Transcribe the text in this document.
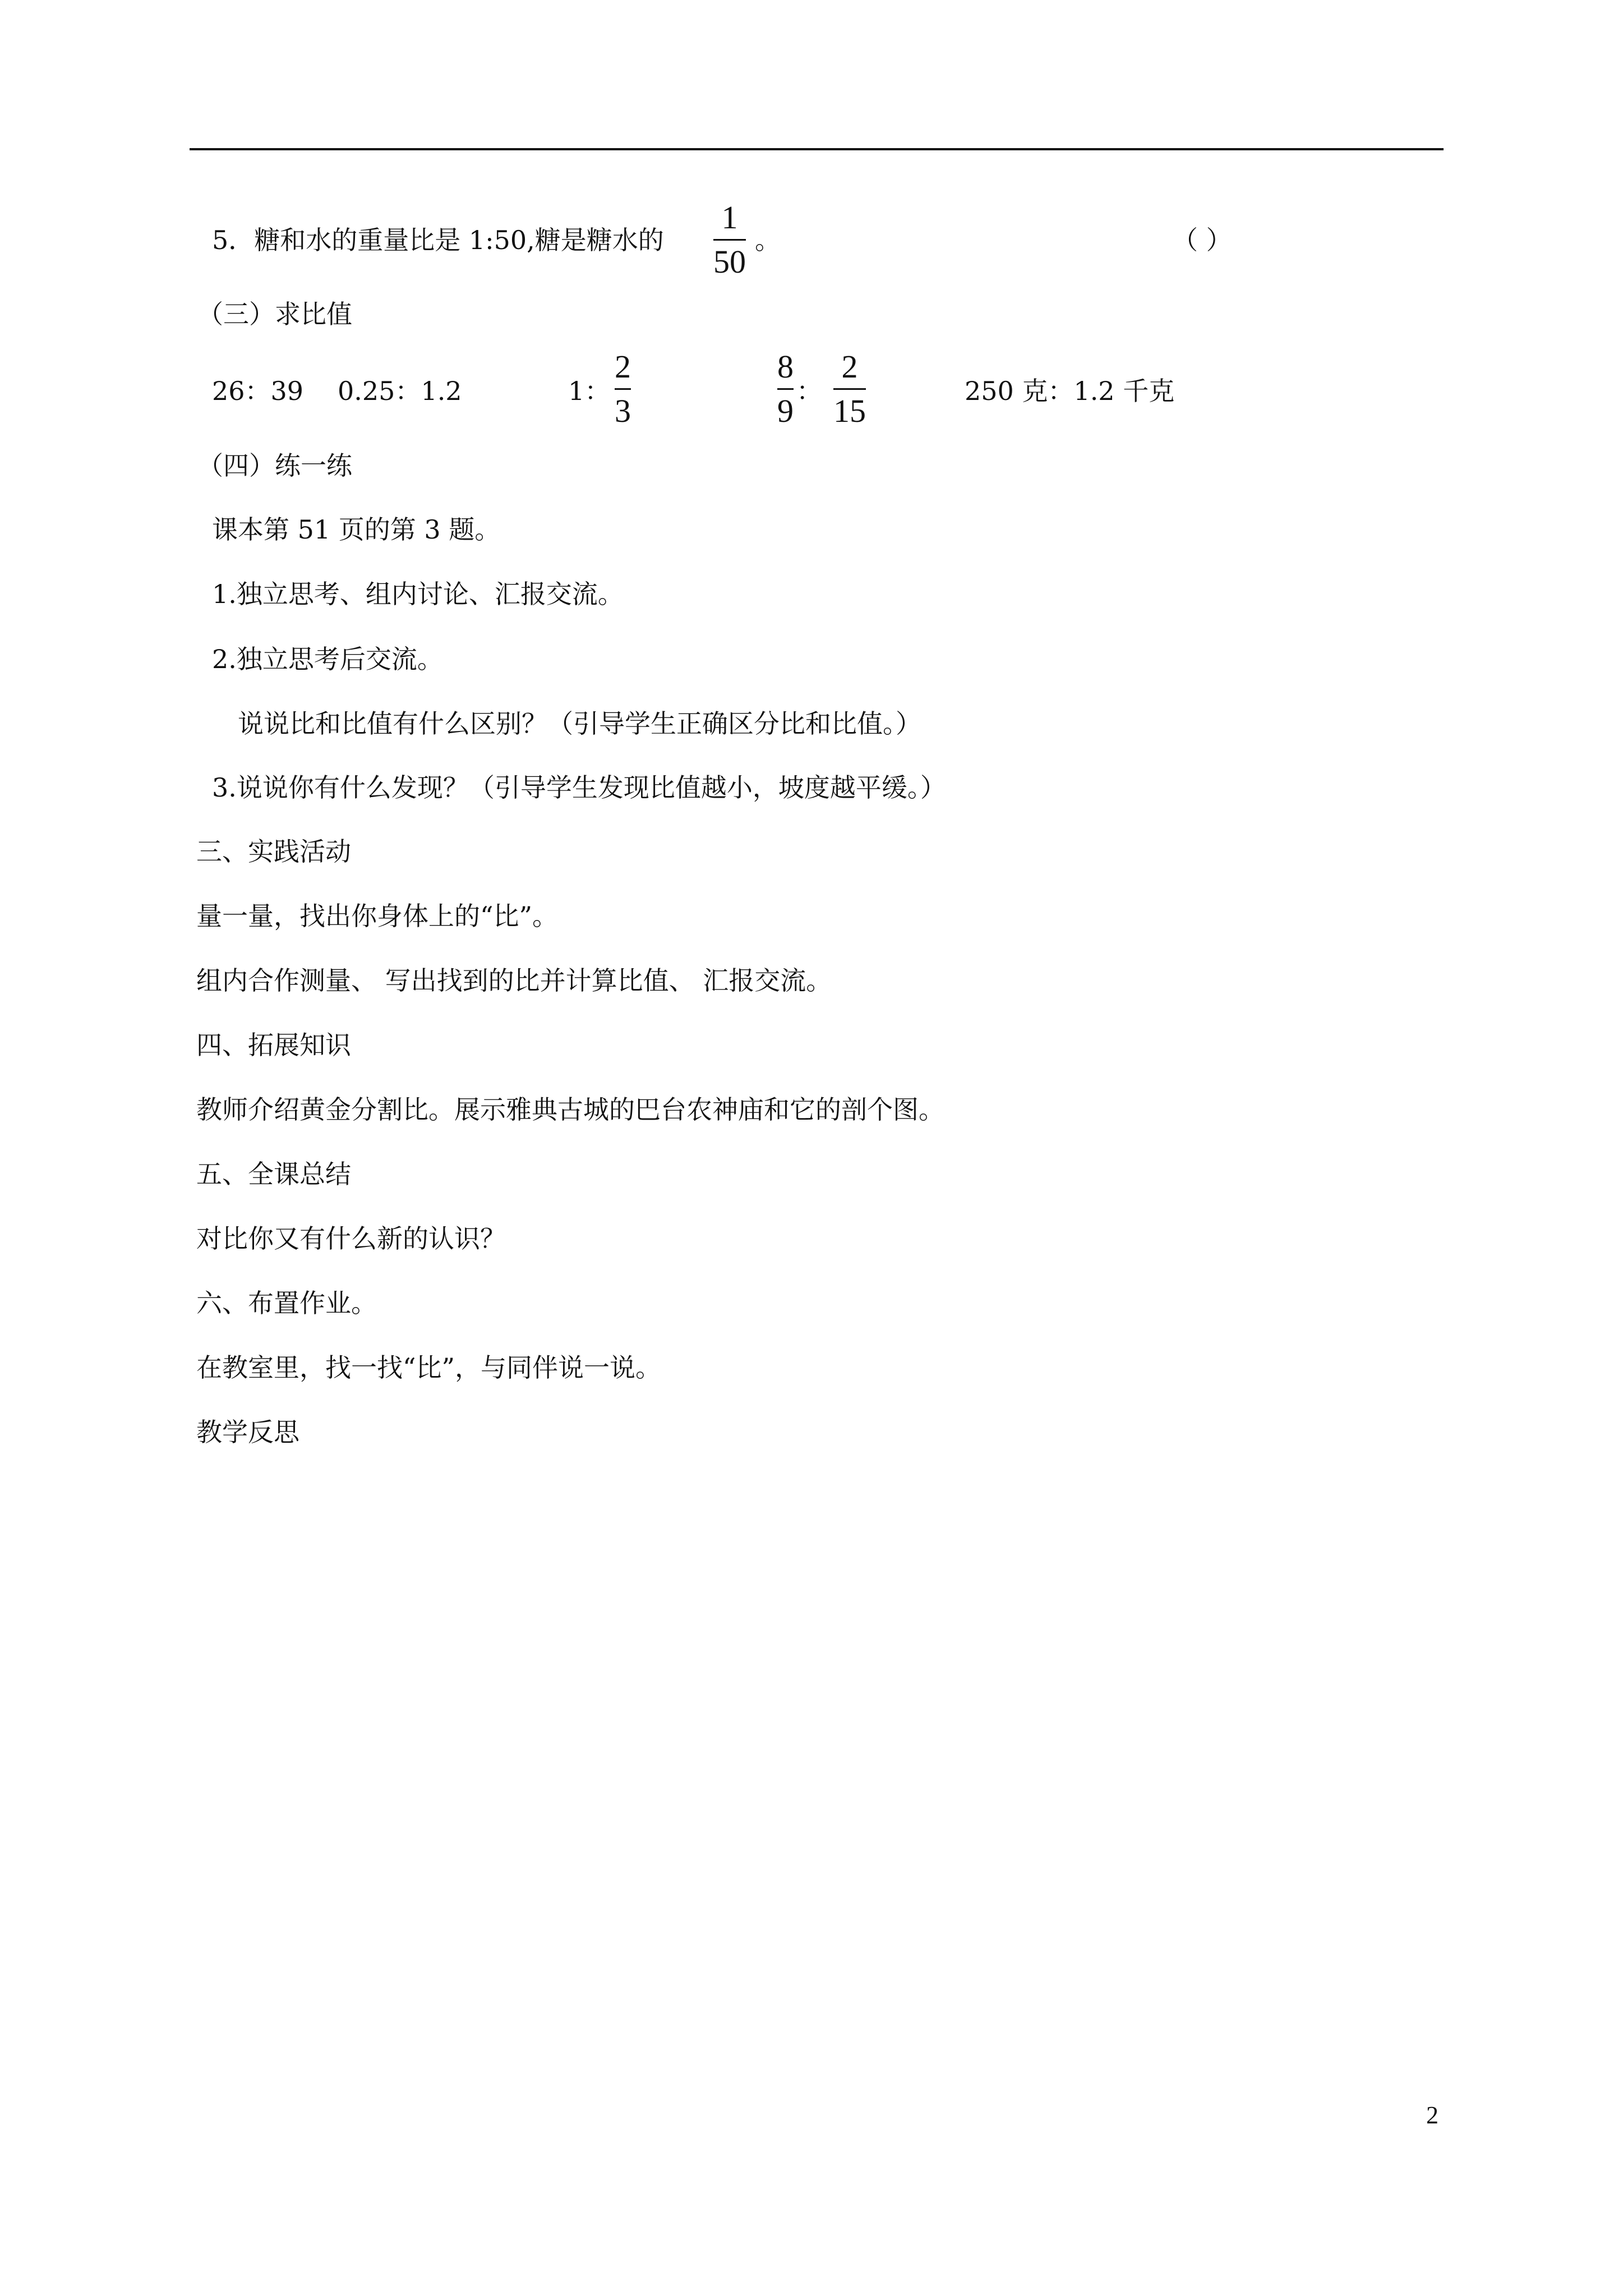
5．糖和水的重量比是 1:50,糖是糖水的
1
50
。	（ ）
（三）求比值
26：39 0.25：1.2	1：
2
3
8
9
：
2
15
250 克：1.2 千克
（四）练一练
课本第 51 页的第 3 题。
1.独立思考、组内讨论、汇报交流。
2.独立思考后交流。
说说比和比值有什么区别？（引导学生正确区分比和比值。）
3.说说你有什么发现？（引导学生发现比值越小，坡度越平缓。）
三、实践活动
量一量，找出你身体上的“比”。
组内合作测量、 写出找到的比并计算比值、 汇报交流。
四、拓展知识
教师介绍黄金分割比。展示雅典古城的巴台农神庙和它的剖个图。
五、全课总结
对比你又有什么新的认识？
六、布置作业。
在教室里，找一找“比”，与同伴说一说。
教学反思
2
